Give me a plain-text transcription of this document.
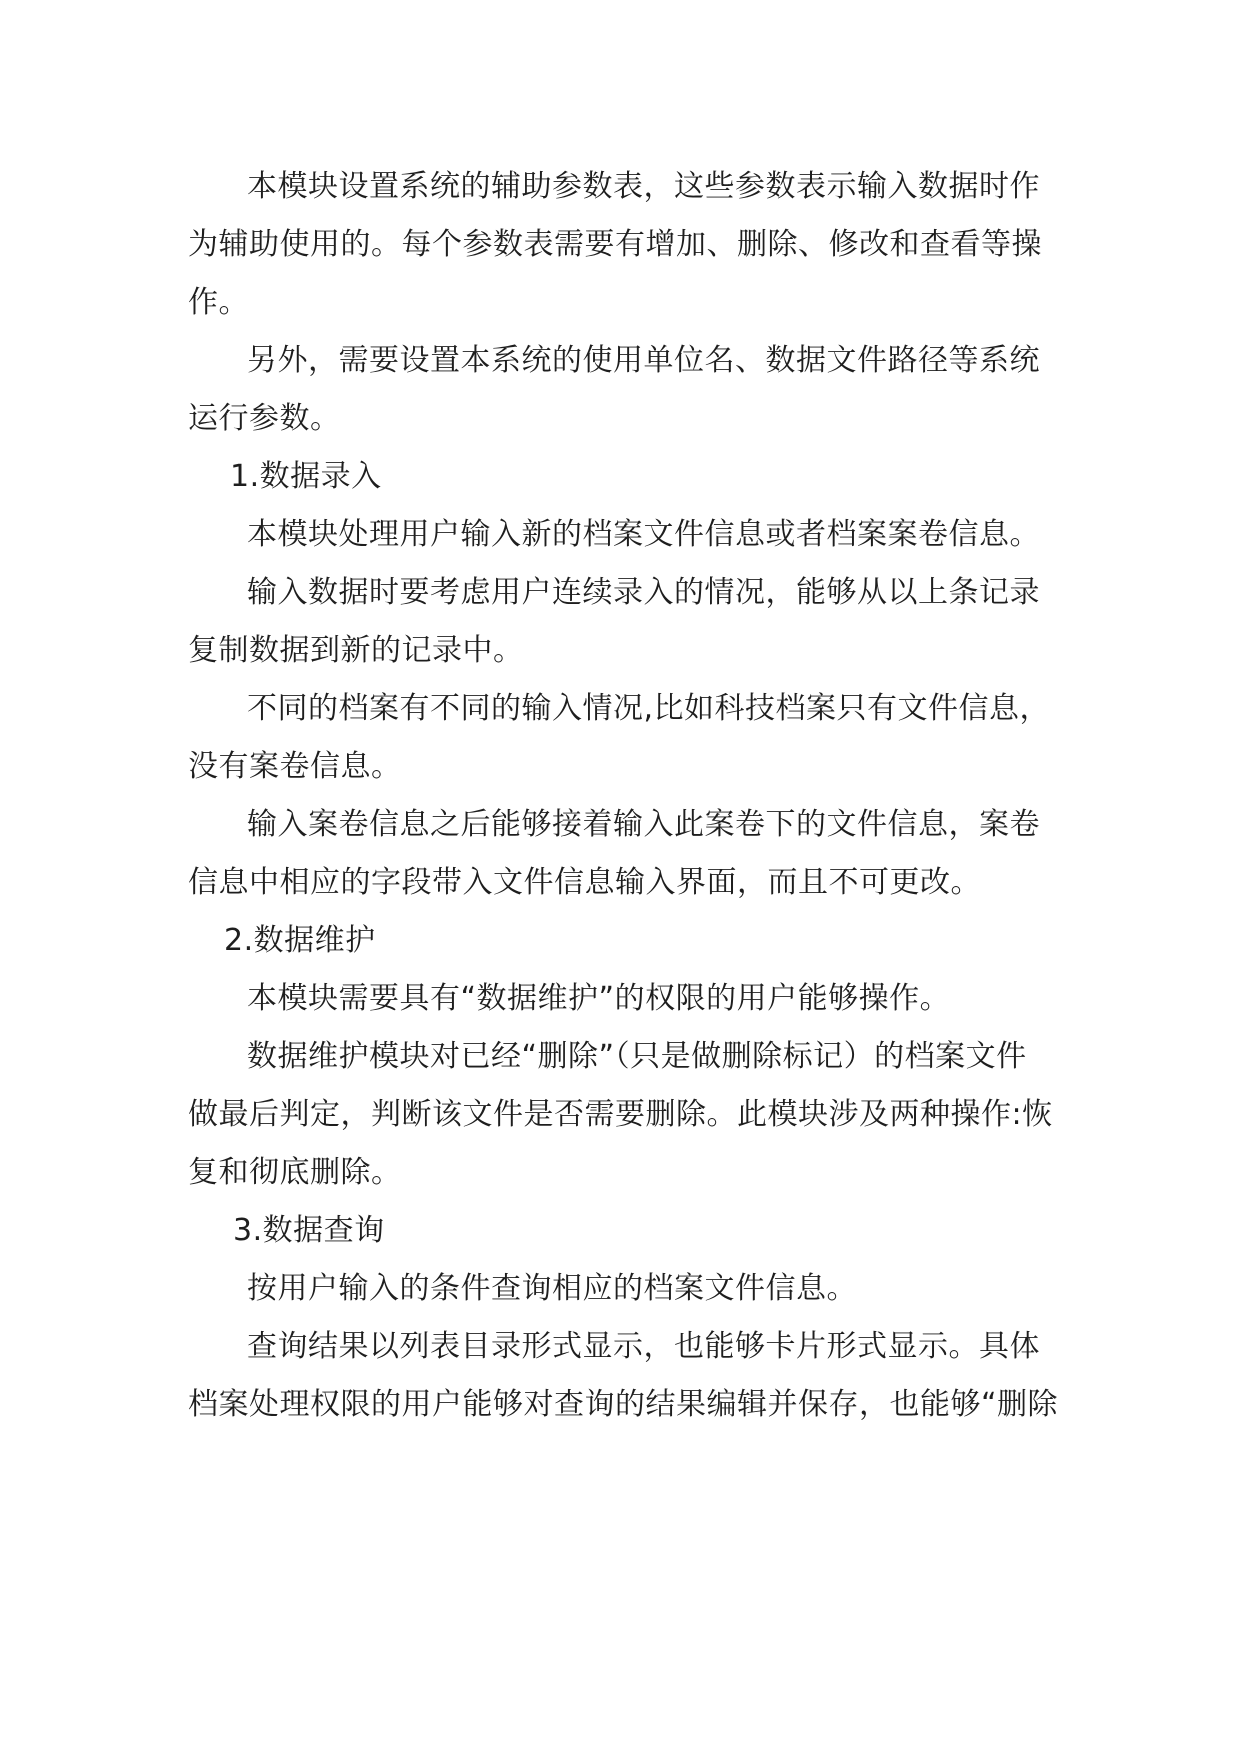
本模块设置系统的辅助参数表，这些参数表示输入数据时作

为辅助使用的。每个参数表需要有增加、删除、修改和查看等操

作。

另外，需要设置本系统的使用单位名、数据文件路径等系统

运行参数。

1.数据录入

本模块处理用户输入新的档案文件信息或者档案案卷信息。

输入数据时要考虑用户连续录入的情况，能够从以上条记录

复制数据到新的记录中。

不同的档案有不同的输入情况,比如科技档案只有文件信息，

没有案卷信息。

输入案卷信息之后能够接着输入此案卷下的文件信息，案卷

信息中相应的字段带入文件信息输入界面，而且不可更改。

2.数据维护

本模块需要具有“数据维护”的权限的用户能够操作。

数据维护模块对已经“删除”（只是做删除标记）的档案文件

做最后判定，判断该文件是否需要删除。此模块涉及两种操作:恢

复和彻底删除。

3.数据查询

按用户输入的条件查询相应的档案文件信息。

查询结果以列表目录形式显示，也能够卡片形式显示。具体

档案处理权限的用户能够对查询的结果编辑并保存，也能够“删除
